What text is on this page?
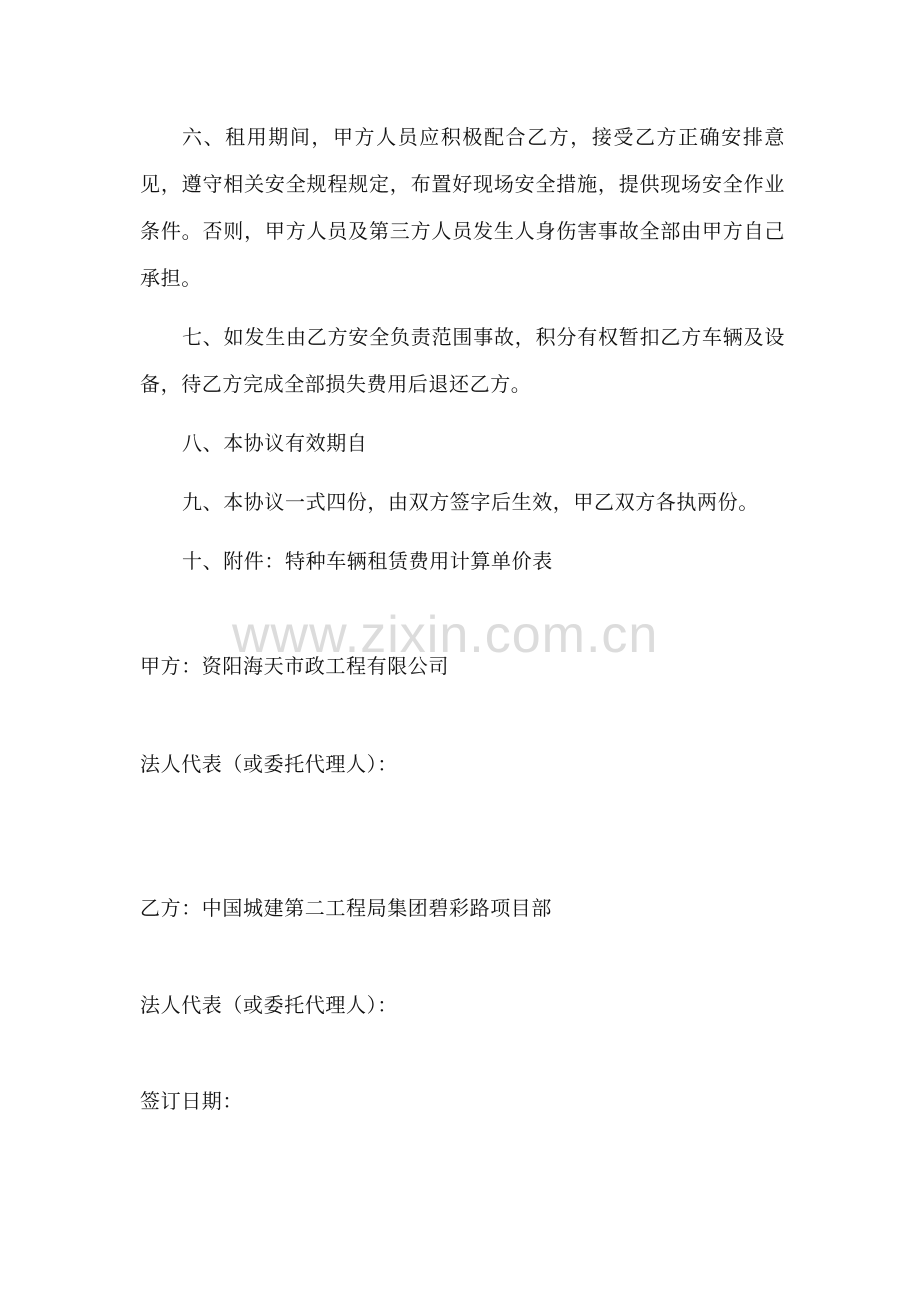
六、租用期间，甲方人员应积极配合乙方，接受乙方正确安排意见，遵守相关安全规程规定，布置好现场安全措施，提供现场安全作业条件。否则，甲方人员及第三方人员发生人身伤害事故全部由甲方自己承担。

七、如发生由乙方安全负责范围事故，积分有权暂扣乙方车辆及设备，待乙方完成全部损失费用后退还乙方。

八、本协议有效期自

九、本协议一式四份，由双方签字后生效，甲乙双方各执两份。

十、附件：特种车辆租赁费用计算单价表

www.zixin.com.cn
甲方：资阳海天市政工程有限公司
法人代表（或委托代理人）：
乙方：中国城建第二工程局集团碧彩路项目部
法人代表（或委托代理人）：
签订日期：
